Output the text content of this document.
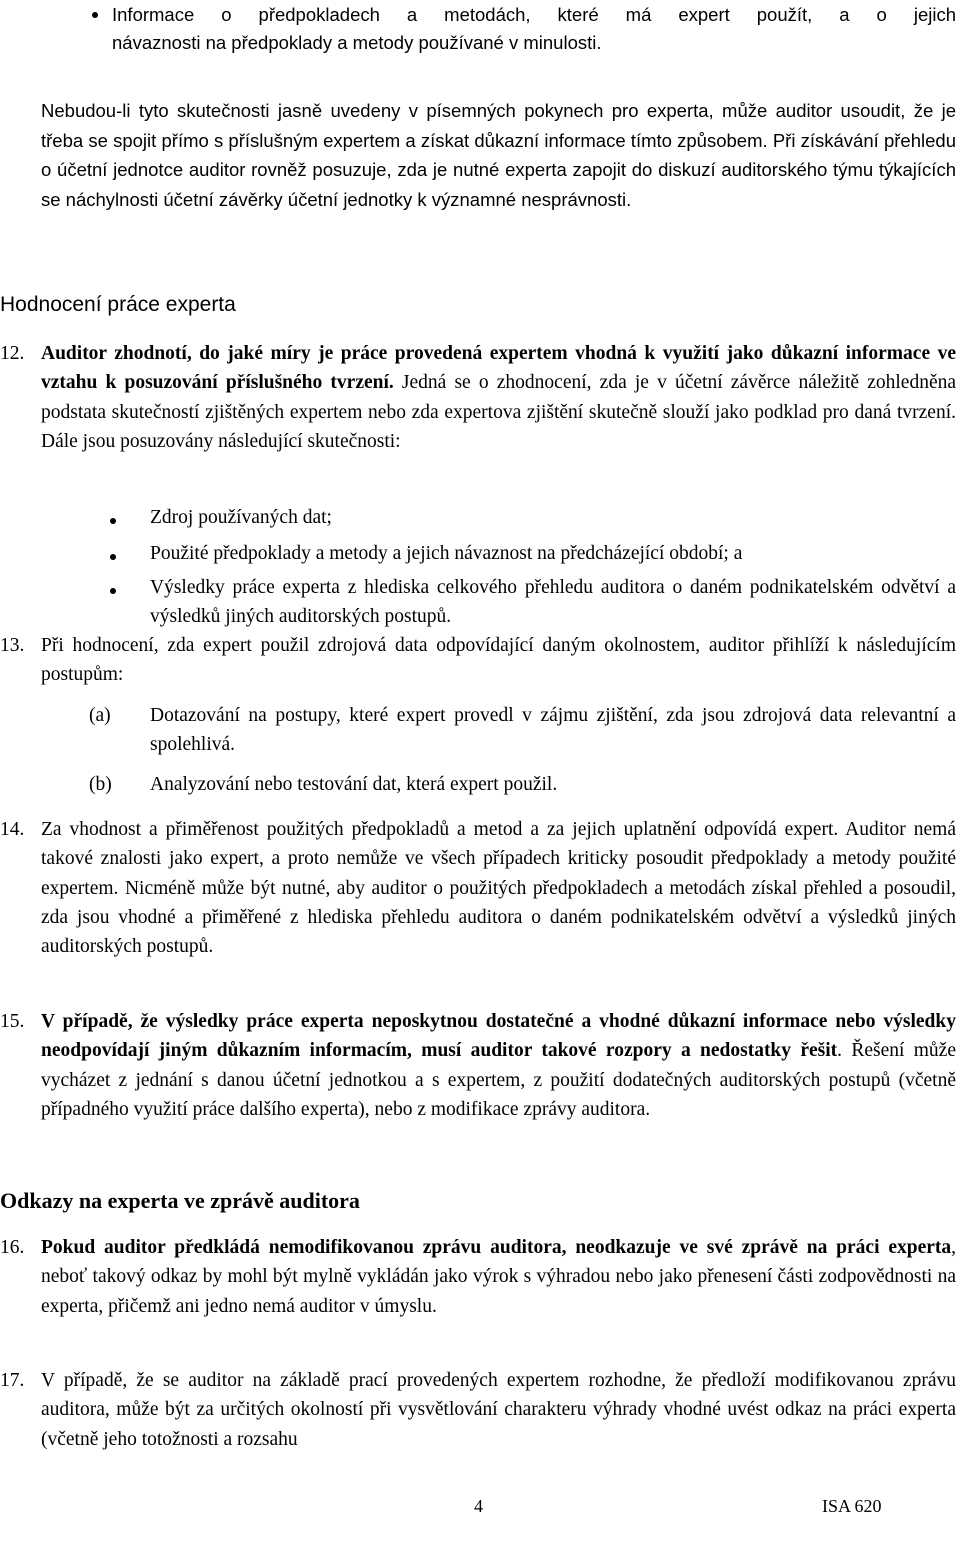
Informace o předpokladech a metodách, které má expert použít, a o jejich
návaznosti na předpoklady a metody používané v minulosti.

Nebudou-li tyto skutečnosti jasně uvedeny v písemných pokynech pro experta, může auditor usoudit, že je třeba se spojit přímo s příslušným expertem a získat důkazní informace tímto způsobem. Při získávání přehledu o účetní jednotce auditor rovněž posuzuje, zda je nutné experta zapojit do diskuzí auditorského týmu týkajících se náchylnosti účetní závěrky účetní jednotky k významné nesprávnosti.

Hodnocení práce experta
12. Auditor zhodnotí, do jaké míry je práce provedená expertem vhodná k využití jako důkazní informace ve vztahu k posuzování příslušného tvrzení. Jedná se o zhodnocení, zda je v účetní závěrce náležitě zohledněna podstata skutečností zjištěných expertem nebo zda expertova zjištění skutečně slouží jako podklad pro daná tvrzení. Dále jsou posuzovány následující skutečnosti:

Zdroj používaných dat;
Použité předpoklady a metody a jejich návaznost na předcházející období; a
Výsledky práce experta z hlediska celkového přehledu auditora o daném podnikatelském odvětví a výsledků jiných auditorských postupů.
13. Při hodnocení, zda expert použil zdrojová data odpovídající daným okolnostem, auditor přihlíží k následujícím postupům:

(a) Dotazování na postupy, které expert provedl v zájmu zjištění, zda jsou zdrojová data relevantní a spolehlivá.

(b) Analyzování nebo testování dat, která expert použil.

14. Za vhodnost a přiměřenost použitých předpokladů a metod a za jejich uplatnění odpovídá expert. Auditor nemá takové znalosti jako expert, a proto nemůže ve všech případech kriticky posoudit předpoklady a metody použité expertem. Nicméně může být nutné, aby auditor o použitých předpokladech a metodách získal přehled a posoudil, zda jsou vhodné a přiměřené z hlediska přehledu auditora o daném podnikatelském odvětví a výsledků jiných auditorských postupů.

15. V případě, že výsledky práce experta neposkytnou dostatečné a vhodné důkazní informace nebo výsledky neodpovídají jiným důkazním informacím, musí auditor takové rozpory a nedostatky řešit. Řešení může vycházet z jednání s danou účetní jednotkou a s expertem, z použití dodatečných auditorských postupů (včetně případného využití práce dalšího experta), nebo z modifikace zprávy auditora.

Odkazy na experta ve zprávě auditora
16. Pokud auditor předkládá nemodifikovanou zprávu auditora, neodkazuje ve své zprávě na práci experta, neboť takový odkaz by mohl být mylně vykládán jako výrok s výhradou nebo jako přenesení části zodpovědnosti na experta, přičemž ani jedno nemá auditor v úmyslu.

17. V případě, že se auditor na základě prací provedených expertem rozhodne, že předloží modifikovanou zprávu auditora, může být za určitých okolností při vysvětlování charakteru výhrady vhodné uvést odkaz na práci experta (včetně jeho totožnosti a rozsahu

4	ISA 620
